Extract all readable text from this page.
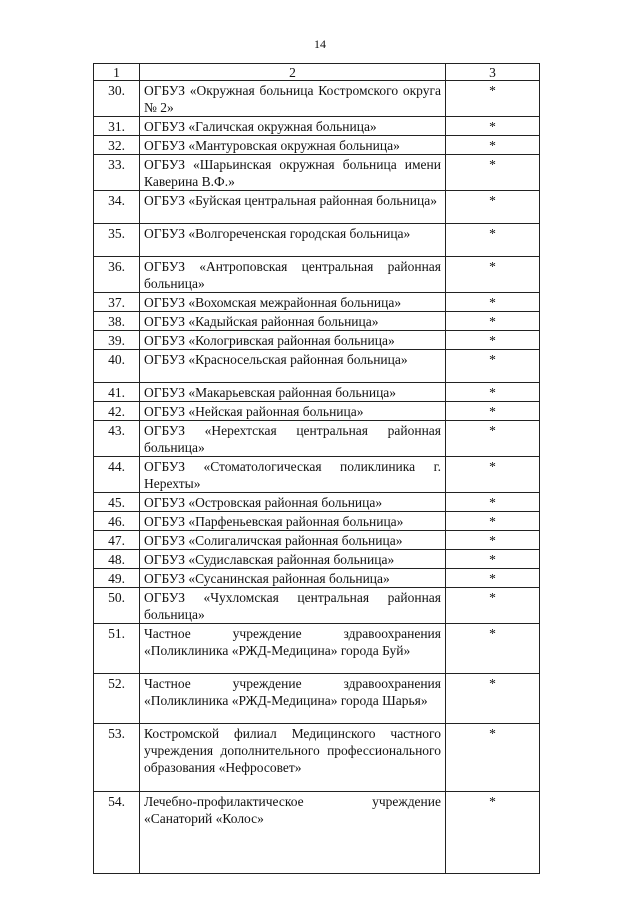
14
1	2	3
30.	ОГБУЗ «Окружная больница Костромского округа № 2»	*
31.	ОГБУЗ «Галичская окружная больница»	*
32.	ОГБУЗ «Мантуровская окружная больница»	*
33.	ОГБУЗ «Шарьинская окружная больница имени Каверина В.Ф.»	*
34.	ОГБУЗ «Буйская центральная районная больница»	*
35.	ОГБУЗ «Волгореченская городская больница»	*
36.	ОГБУЗ «Антроповская центральная районная больница»	*
37.	ОГБУЗ «Вохомская межрайонная больница»	*
38.	ОГБУЗ «Кадыйская районная больница»	*
39.	ОГБУЗ «Кологривская районная больница»	*
40.	ОГБУЗ «Красносельская районная больница»	*
41.	ОГБУЗ «Макарьевская районная больница»	*
42.	ОГБУЗ «Нейская районная больница»	*
43.	ОГБУЗ «Нерехтская центральная районная больница»	*
44.	ОГБУЗ «Стоматологическая поликлиника г. Нерехты»	*
45.	ОГБУЗ «Островская районная больница»	*
46.	ОГБУЗ «Парфеньевская районная больница»	*
47.	ОГБУЗ «Солигаличская районная больница»	*
48.	ОГБУЗ «Судиславская районная больница»	*
49.	ОГБУЗ «Сусанинская районная больница»	*
50.	ОГБУЗ «Чухломская центральная районная больница»	*
51.	Частное учреждение здравоохранения «Поликлиника «РЖД-Медицина» города Буй»	*
52.	Частное учреждение здравоохранения «Поликлиника «РЖД-Медицина» города Шарья»	*
53.	Костромской филиал Медицинского частного учреждения дополнительного профессионального образования «Нефросовет»	*
54.	Лечебно-профилактическое учреждение «Санаторий «Колос»	*
